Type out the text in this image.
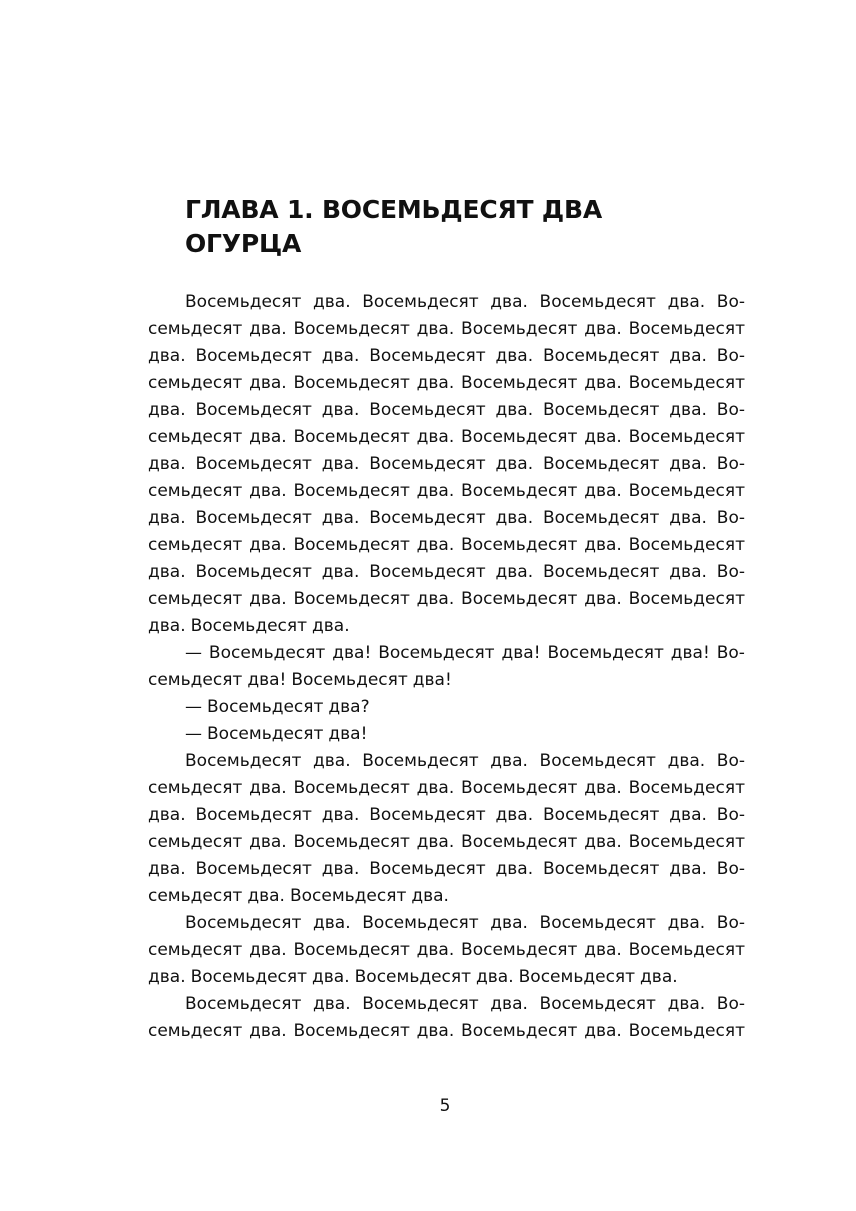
ГЛАВА 1. ВОСЕМЬДЕСЯТ ДВА
ОГУРЦА
Восемьдесят два. Восемьдесят два. Восемьдесят два. Во-
семьдесят два. Восемьдесят два. Восемьдесят два. Восемьдесят
два. Восемьдесят два. Восемьдесят два. Восемьдесят два. Во-
семьдесят два. Восемьдесят два. Восемьдесят два. Восемьдесят
два. Восемьдесят два. Восемьдесят два. Восемьдесят два. Во-
семьдесят два. Восемьдесят два. Восемьдесят два. Восемьдесят
два. Восемьдесят два. Восемьдесят два. Восемьдесят два. Во-
семьдесят два. Восемьдесят два. Восемьдесят два. Восемьдесят
два. Восемьдесят два. Восемьдесят два. Восемьдесят два. Во-
семьдесят два. Восемьдесят два. Восемьдесят два. Восемьдесят
два. Восемьдесят два. Восемьдесят два. Восемьдесят два. Во-
семьдесят два. Восемьдесят два. Восемьдесят два. Восемьдесят
два. Восемьдесят два.
— Восемьдесят два! Восемьдесят два! Восемьдесят два! Во-
семьдесят два! Восемьдесят два!
— Восемьдесят два?
— Восемьдесят два!
Восемьдесят два. Восемьдесят два. Восемьдесят два. Во-
семьдесят два. Восемьдесят два. Восемьдесят два. Восемьдесят
два. Восемьдесят два. Восемьдесят два. Восемьдесят два. Во-
семьдесят два. Восемьдесят два. Восемьдесят два. Восемьдесят
два. Восемьдесят два. Восемьдесят два. Восемьдесят два. Во-
семьдесят два. Восемьдесят два.
Восемьдесят два. Восемьдесят два. Восемьдесят два. Во-
семьдесят два. Восемьдесят два. Восемьдесят два. Восемьдесят
два. Восемьдесят два. Восемьдесят два. Восемьдесят два.
Восемьдесят два. Восемьдесят два. Восемьдесят два. Во-
семьдесят два. Восемьдесят два. Восемьдесят два. Восемьдесят
5
